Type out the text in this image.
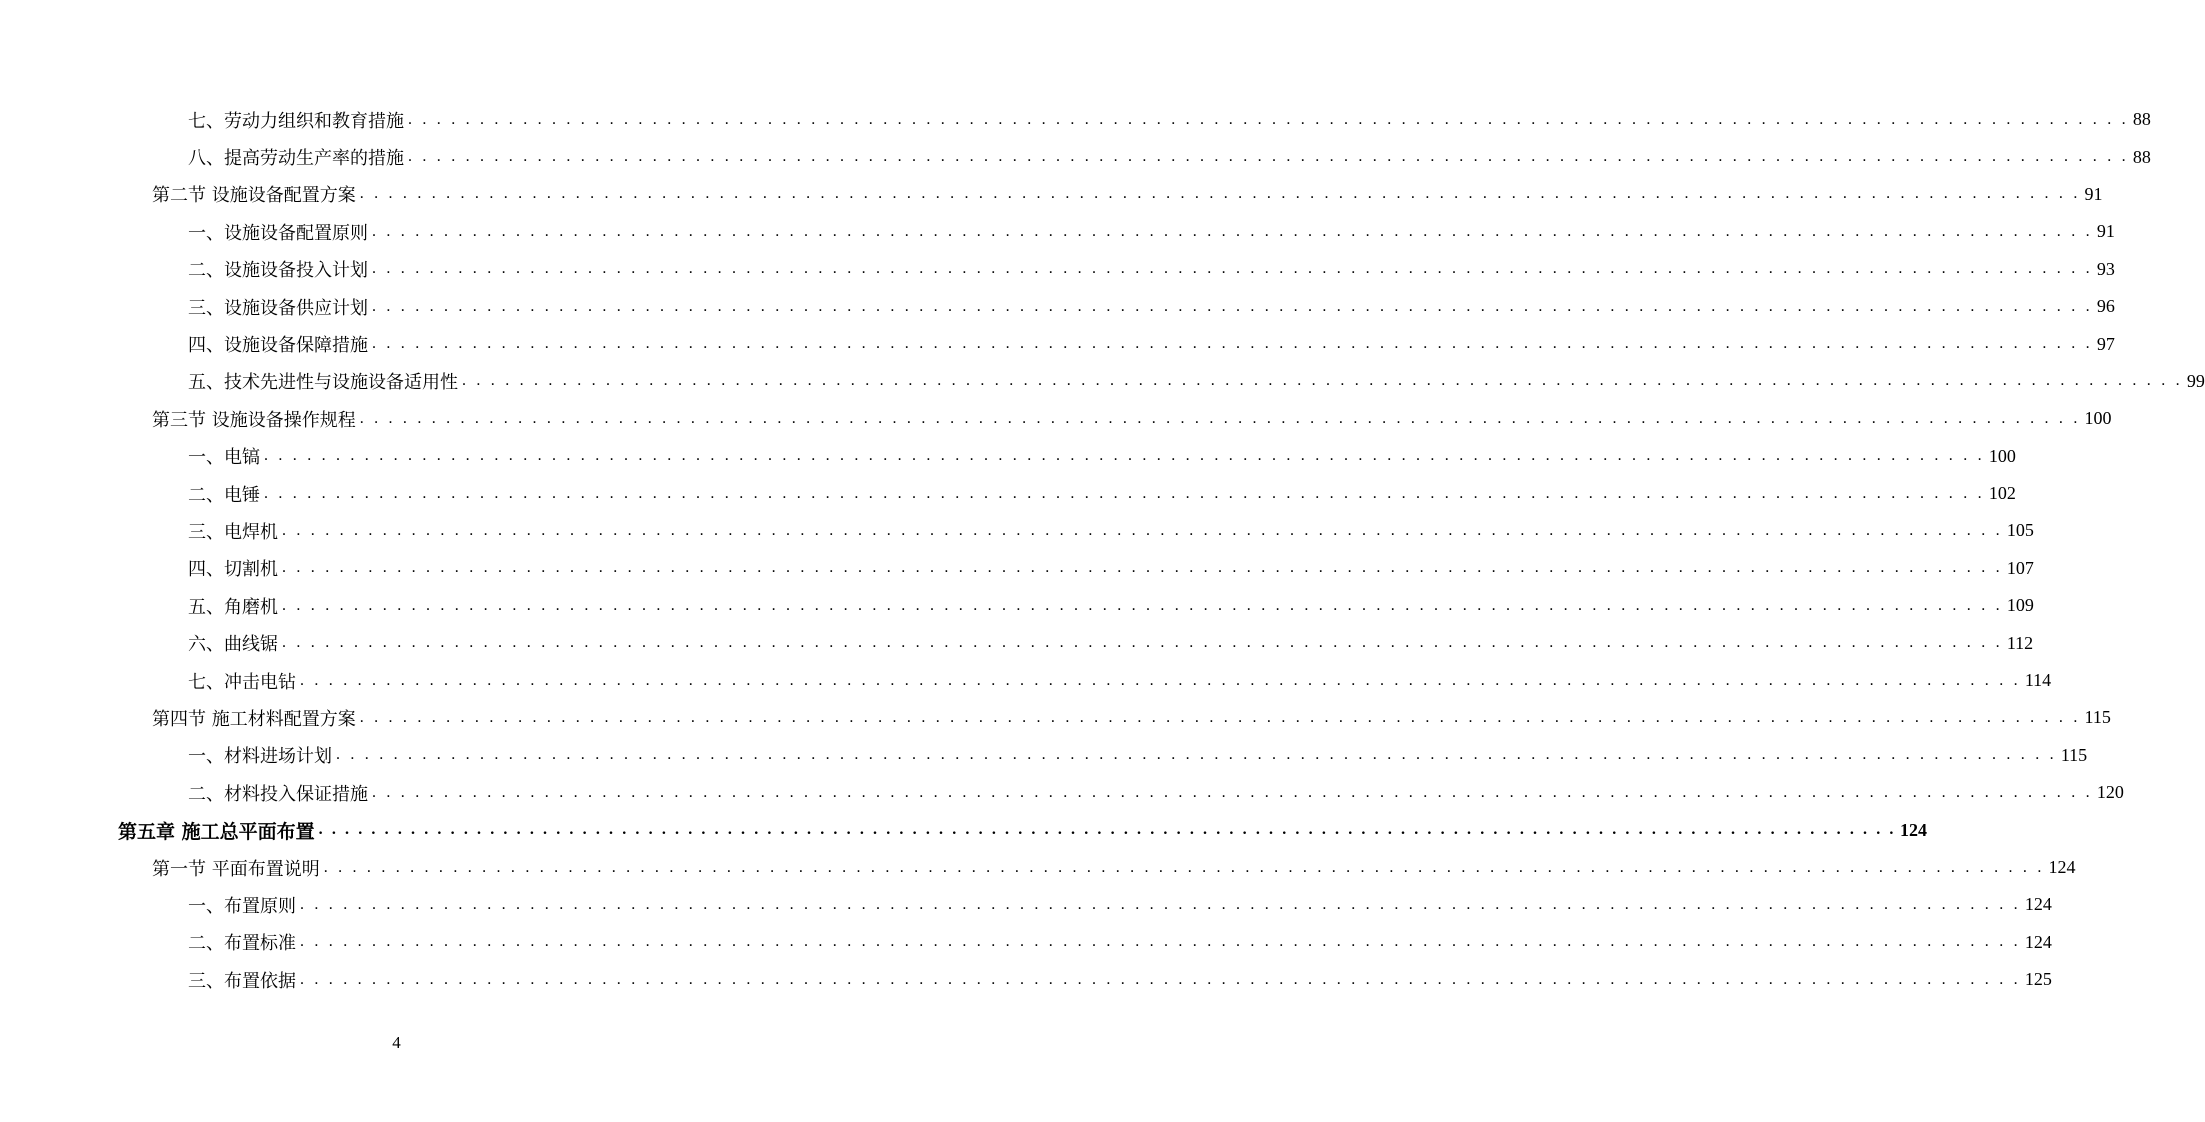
七、劳动力组织和教育措施 . . . . . . . . . . . . . . . . . . . . . . . . . . . . . . . . . . . . . . . . . . . . . . . . . . . . . . . . . . . . . . . . . . . . . . . . . . . . . . . . . . . . . . . . . . . . . . . . . . . . . . . . . . . . . . . . . . . . . . . . 88
八、提高劳动生产率的措施 . . . . . . . . . . . . . . . . . . . . . . . . . . . . . . . . . . . . . . . . . . . . . . . . . . . . . . . . . . . . . . . . . . . . . . . . . . . . . . . . . . . . . . . . . . . . . . . . . . . . . . . . . . . . . . . . . . . . . . . . 88
第二节 设施设备配置方案 . . . . . . . . . . . . . . . . . . . . . . . . . . . . . . . . . . . . . . . . . . . . . . . . . . . . . . . . . . . . . . . . . . . . . . . . . . . . . . . . . . . . . . . . . . . . . . . . . . . . . . . . . . . . . . . . . . . . . . . . 91
一、设施设备配置原则 . . . . . . . . . . . . . . . . . . . . . . . . . . . . . . . . . . . . . . . . . . . . . . . . . . . . . . . . . . . . . . . . . . . . . . . . . . . . . . . . . . . . . . . . . . . . . . . . . . . . . . . . . . . . . . . . . . . . . . . . 91
二、设施设备投入计划 . . . . . . . . . . . . . . . . . . . . . . . . . . . . . . . . . . . . . . . . . . . . . . . . . . . . . . . . . . . . . . . . . . . . . . . . . . . . . . . . . . . . . . . . . . . . . . . . . . . . . . . . . . . . . . . . . . . . . . . . 93
三、设施设备供应计划 . . . . . . . . . . . . . . . . . . . . . . . . . . . . . . . . . . . . . . . . . . . . . . . . . . . . . . . . . . . . . . . . . . . . . . . . . . . . . . . . . . . . . . . . . . . . . . . . . . . . . . . . . . . . . . . . . . . . . . . . 96
四、设施设备保障措施 . . . . . . . . . . . . . . . . . . . . . . . . . . . . . . . . . . . . . . . . . . . . . . . . . . . . . . . . . . . . . . . . . . . . . . . . . . . . . . . . . . . . . . . . . . . . . . . . . . . . . . . . . . . . . . . . . . . . . . . . 97
五、技术先进性与设施设备适用性 . . . . . . . . . . . . . . . . . . . . . . . . . . . . . . . . . . . . . . . . . . . . . . . . . . . . . . . . . . . . . . . . . . . . . . . . . . . . . . . . . . . . . . . . . . . . . . . . . . . . . . . . . . . . . . . . . . . . . . . . 99
第三节 设施设备操作规程 . . . . . . . . . . . . . . . . . . . . . . . . . . . . . . . . . . . . . . . . . . . . . . . . . . . . . . . . . . . . . . . . . . . . . . . . . . . . . . . . . . . . . . . . . . . . . . . . . . . . . . . . . . . . . . . . . . . . . . . . 100
一、电镐 . . . . . . . . . . . . . . . . . . . . . . . . . . . . . . . . . . . . . . . . . . . . . . . . . . . . . . . . . . . . . . . . . . . . . . . . . . . . . . . . . . . . . . . . . . . . . . . . . . . . . . . . . . . . . . . . . . . . . . . . 100
二、电锤 . . . . . . . . . . . . . . . . . . . . . . . . . . . . . . . . . . . . . . . . . . . . . . . . . . . . . . . . . . . . . . . . . . . . . . . . . . . . . . . . . . . . . . . . . . . . . . . . . . . . . . . . . . . . . . . . . . . . . . . . 102
三、电焊机 . . . . . . . . . . . . . . . . . . . . . . . . . . . . . . . . . . . . . . . . . . . . . . . . . . . . . . . . . . . . . . . . . . . . . . . . . . . . . . . . . . . . . . . . . . . . . . . . . . . . . . . . . . . . . . . . . . . . . . . . 105
四、切割机 . . . . . . . . . . . . . . . . . . . . . . . . . . . . . . . . . . . . . . . . . . . . . . . . . . . . . . . . . . . . . . . . . . . . . . . . . . . . . . . . . . . . . . . . . . . . . . . . . . . . . . . . . . . . . . . . . . . . . . . . 107
五、角磨机 . . . . . . . . . . . . . . . . . . . . . . . . . . . . . . . . . . . . . . . . . . . . . . . . . . . . . . . . . . . . . . . . . . . . . . . . . . . . . . . . . . . . . . . . . . . . . . . . . . . . . . . . . . . . . . . . . . . . . . . . 109
六、曲线锯 . . . . . . . . . . . . . . . . . . . . . . . . . . . . . . . . . . . . . . . . . . . . . . . . . . . . . . . . . . . . . . . . . . . . . . . . . . . . . . . . . . . . . . . . . . . . . . . . . . . . . . . . . . . . . . . . . . . . . . . . 112
七、冲击电钻 . . . . . . . . . . . . . . . . . . . . . . . . . . . . . . . . . . . . . . . . . . . . . . . . . . . . . . . . . . . . . . . . . . . . . . . . . . . . . . . . . . . . . . . . . . . . . . . . . . . . . . . . . . . . . . . . . . . . . . . . 114
第四节 施工材料配置方案 . . . . . . . . . . . . . . . . . . . . . . . . . . . . . . . . . . . . . . . . . . . . . . . . . . . . . . . . . . . . . . . . . . . . . . . . . . . . . . . . . . . . . . . . . . . . . . . . . . . . . . . . . . . . . . . . . . . . . . . . 115
一、材料进场计划 . . . . . . . . . . . . . . . . . . . . . . . . . . . . . . . . . . . . . . . . . . . . . . . . . . . . . . . . . . . . . . . . . . . . . . . . . . . . . . . . . . . . . . . . . . . . . . . . . . . . . . . . . . . . . . . . . . . . . . . . 115
二、材料投入保证措施 . . . . . . . . . . . . . . . . . . . . . . . . . . . . . . . . . . . . . . . . . . . . . . . . . . . . . . . . . . . . . . . . . . . . . . . . . . . . . . . . . . . . . . . . . . . . . . . . . . . . . . . . . . . . . . . . . . . . . . . . 120
第五章 施工总平面布置 . . . . . . . . . . . . . . . . . . . . . . . . . . . . . . . . . . . . . . . . . . . . . . . . . . . . . . . . . . . . . . . . . . . . . . . . . . . . . . . . . . . . . . . . . . . . . . . . . . . . . . . . . . . . . . . . . . . . . . . . 124
第一节 平面布置说明 . . . . . . . . . . . . . . . . . . . . . . . . . . . . . . . . . . . . . . . . . . . . . . . . . . . . . . . . . . . . . . . . . . . . . . . . . . . . . . . . . . . . . . . . . . . . . . . . . . . . . . . . . . . . . . . . . . . . . . . . 124
一、布置原则 . . . . . . . . . . . . . . . . . . . . . . . . . . . . . . . . . . . . . . . . . . . . . . . . . . . . . . . . . . . . . . . . . . . . . . . . . . . . . . . . . . . . . . . . . . . . . . . . . . . . . . . . . . . . . . . . . . . . . . . . 124
二、布置标准 . . . . . . . . . . . . . . . . . . . . . . . . . . . . . . . . . . . . . . . . . . . . . . . . . . . . . . . . . . . . . . . . . . . . . . . . . . . . . . . . . . . . . . . . . . . . . . . . . . . . . . . . . . . . . . . . . . . . . . . . 124
三、布置依据 . . . . . . . . . . . . . . . . . . . . . . . . . . . . . . . . . . . . . . . . . . . . . . . . . . . . . . . . . . . . . . . . . . . . . . . . . . . . . . . . . . . . . . . . . . . . . . . . . . . . . . . . . . . . . . . . . . . . . . . . 125
4
